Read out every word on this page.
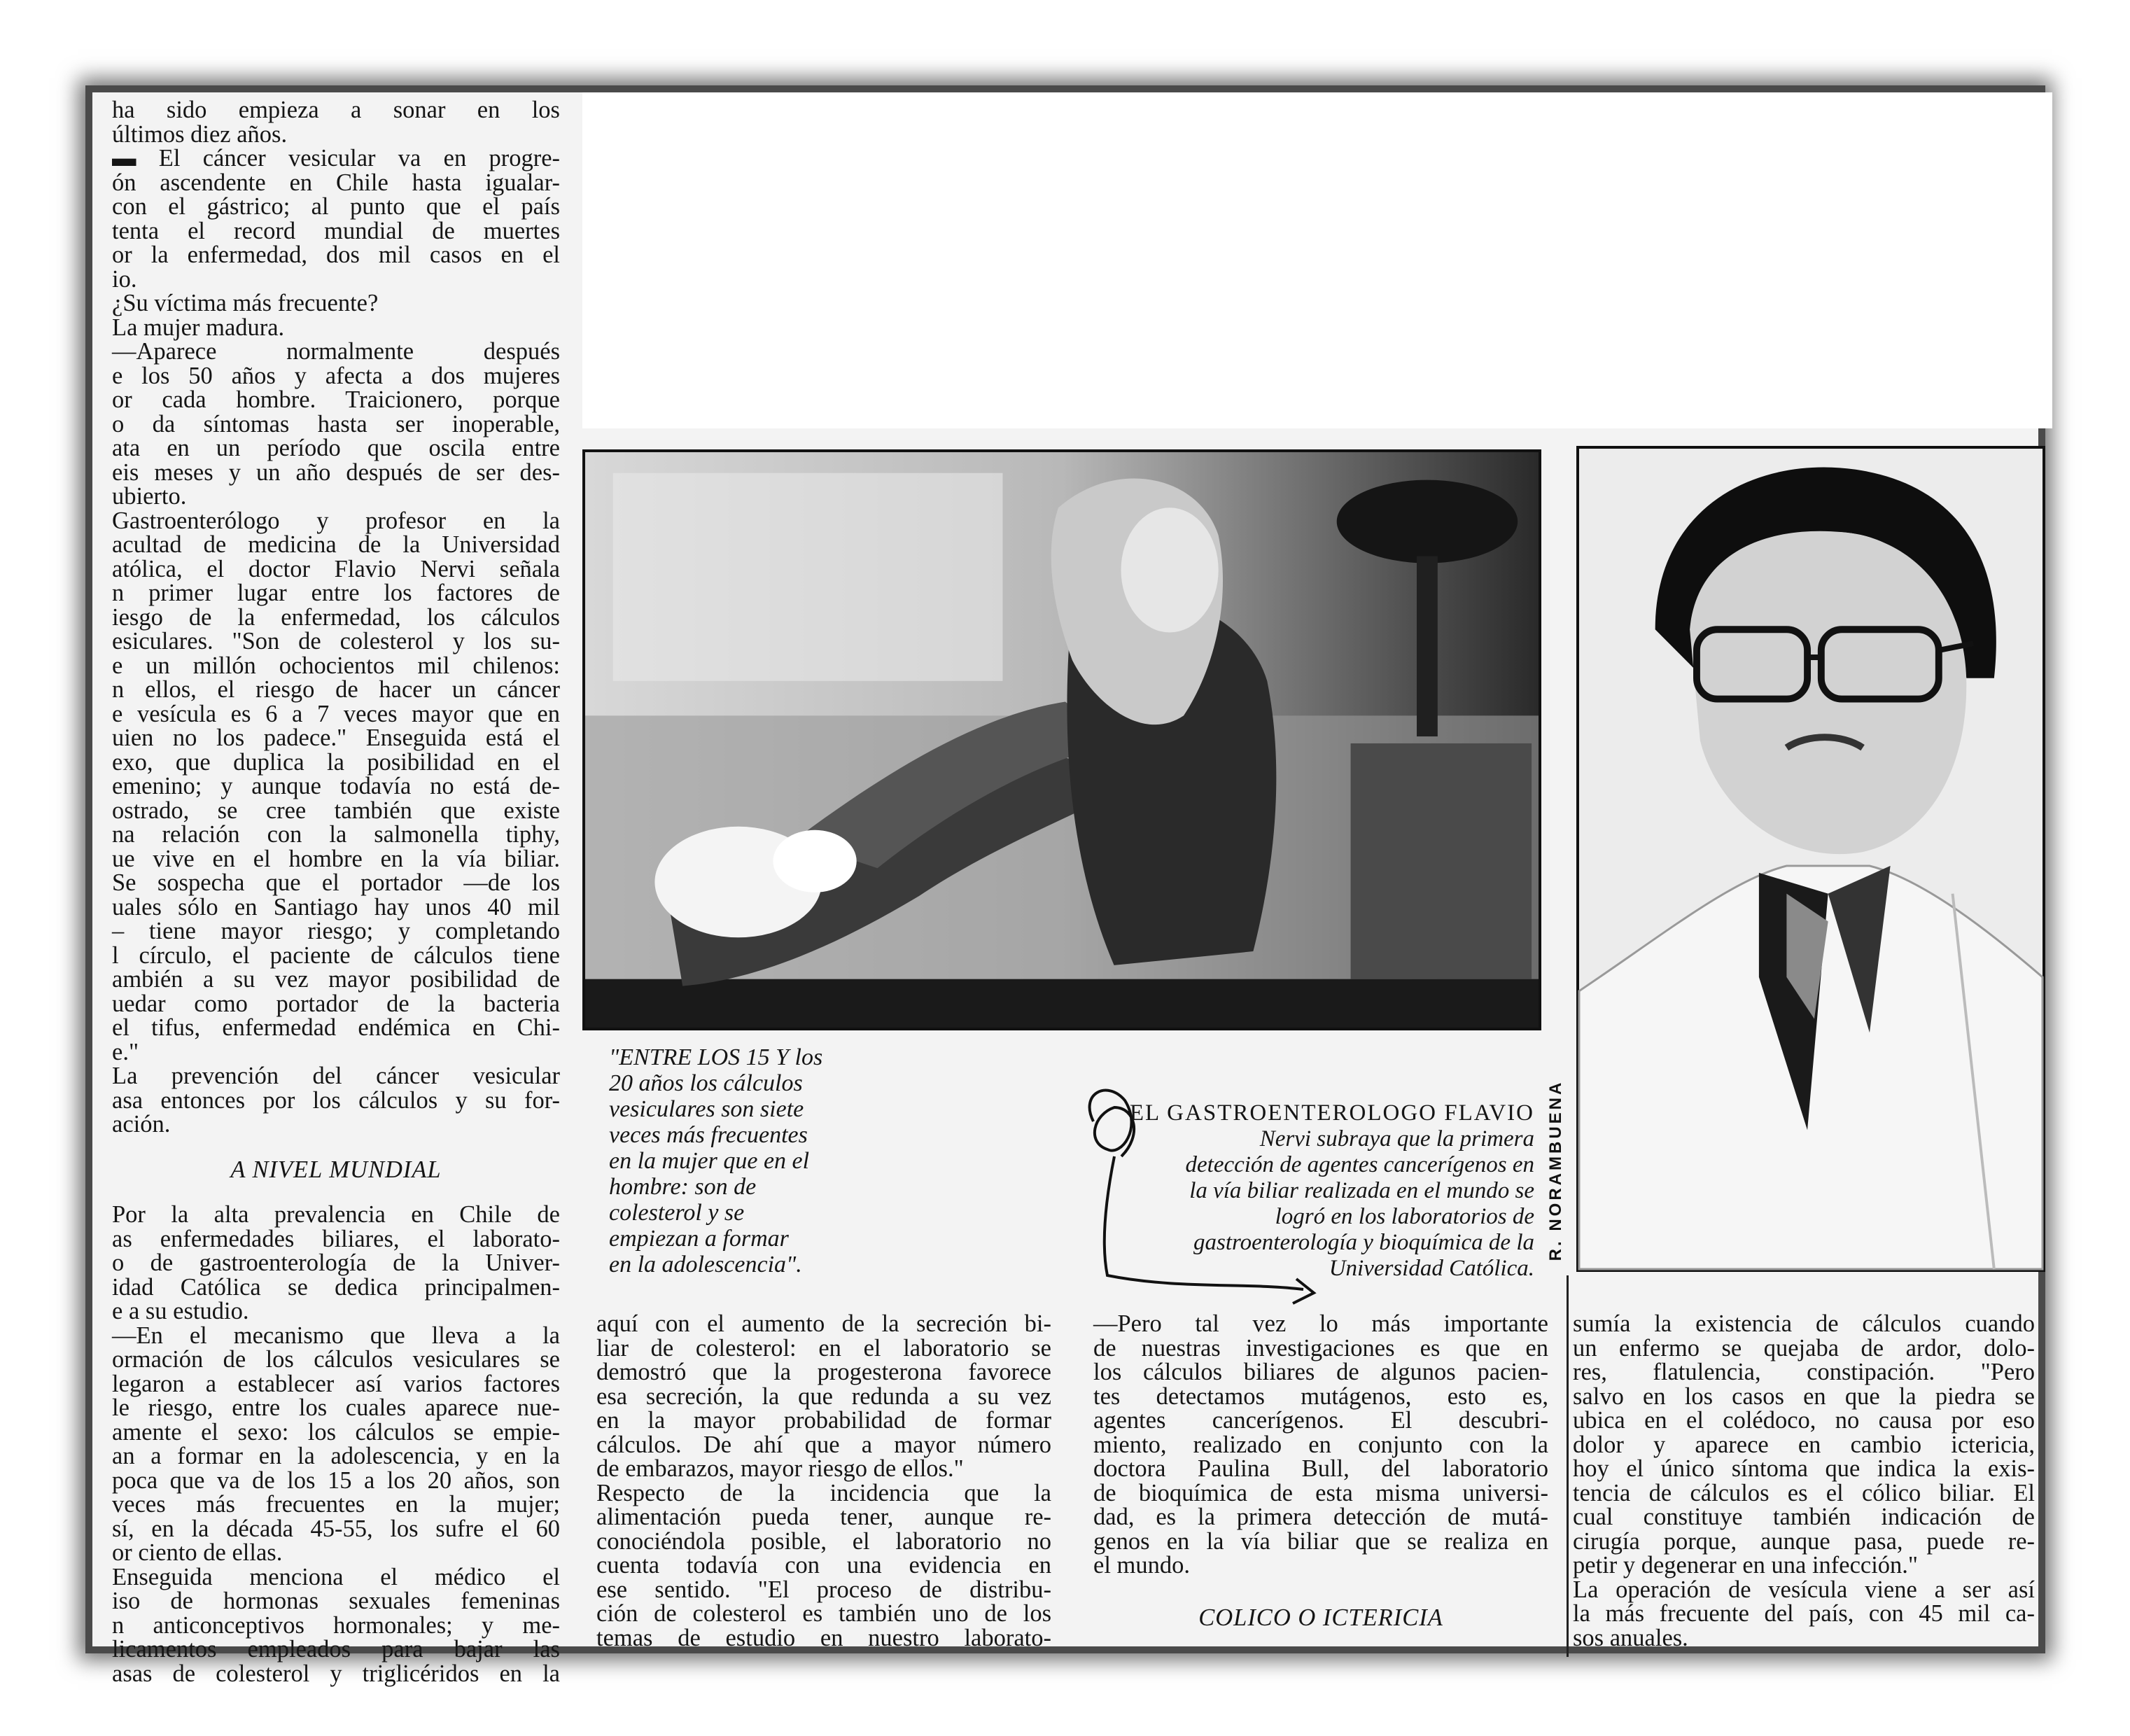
ha sido empieza a sonar en los
últimos diez años.
▬ El cáncer vesicular va en progre-
ón ascendente en Chile hasta igualar-
con el gástrico; al punto que el país
tenta el record mundial de muertes
or la enfermedad, dos mil casos en el
io.
¿Su víctima más frecuente?
La mujer madura.
—Aparece normalmente después
e los 50 años y afecta a dos mujeres
or cada hombre. Traicionero, porque
o da síntomas hasta ser inoperable,
ata en un período que oscila entre
eis meses y un año después de ser des-
ubierto.
Gastroenterólogo y profesor en la
acultad de medicina de la Universidad
atólica, el doctor Flavio Nervi señala
n primer lugar entre los factores de
iesgo de la enfermedad, los cálculos
esiculares. "Son de colesterol y los su-
e un millón ochocientos mil chilenos:
n ellos, el riesgo de hacer un cáncer
e vesícula es 6 a 7 veces mayor que en
uien no los padece." Enseguida está el
exo, que duplica la posibilidad en el
emenino; y aunque todavía no está de-
ostrado, se cree también que existe
na relación con la salmonella tiphy,
ue vive en el hombre en la vía biliar.
Se sospecha que el portador —de los
uales sólo en Santiago hay unos 40 mil
– tiene mayor riesgo; y completando
l círculo, el paciente de cálculos tiene
ambién a su vez mayor posibilidad de
uedar como portador de la bacteria
el tifus, enfermedad endémica en Chi-
e."
La prevención del cáncer vesicular
asa entonces por los cálculos y su for-
ación.
A NIVEL MUNDIAL
Por la alta prevalencia en Chile de
as enfermedades biliares, el laborato-
o de gastroenterología de la Univer-
idad Católica se dedica principalmen-
e a su estudio.
—En el mecanismo que lleva a la
ormación de los cálculos vesiculares se
legaron a establecer así varios factores
le riesgo, entre los cuales aparece nue-
amente el sexo: los cálculos se empie-
an a formar en la adolescencia, y en la
poca que va de los 15 a los 20 años, son
veces más frecuentes en la mujer;
sí, en la década 45-55, los sufre el 60
or ciento de ellas.
Enseguida menciona el médico el
iso de hormonas sexuales femeninas
n anticonceptivos hormonales; y me-
licamentos empleados para bajar las
asas de colesterol y triglicéridos en la
R. NORAMBUENA
"ENTRE LOS 15 Y los
20 años los cálculos
vesiculares son siete
veces más frecuentes
en la mujer que en el
hombre: son de
colesterol y se
empiezan a formar
en la adolescencia".
EL GASTROENTEROLOGO FLAVIO
Nervi subraya que la primera
detección de agentes cancerígenos en
la vía biliar realizada en el mundo se
logró en los laboratorios de
gastroenterología y bioquímica de la
Universidad Católica.
aquí con el aumento de la secreción bi-
liar de colesterol: en el laboratorio se
demostró que la progesterona favorece
esa secreción, la que redunda a su vez
en la mayor probabilidad de formar
cálculos. De ahí que a mayor número
de embarazos, mayor riesgo de ellos."
Respecto de la incidencia que la
alimentación pueda tener, aunque re-
conociéndola posible, el laboratorio no
cuenta todavía con una evidencia en
ese sentido. "El proceso de distribu-
ción de colesterol es también uno de los
temas de estudio en nuestro laborato-
—Pero tal vez lo más importante
de nuestras investigaciones es que en
los cálculos biliares de algunos pacien-
tes detectamos mutágenos, esto es,
agentes cancerígenos. El descubri-
miento, realizado en conjunto con la
doctora Paulina Bull, del laboratorio
de bioquímica de esta misma universi-
dad, es la primera detección de mutá-
genos en la vía biliar que se realiza en
el mundo.
COLICO O ICTERICIA
sumía la existencia de cálculos cuando
un enfermo se quejaba de ardor, dolo-
res, flatulencia, constipación. "Pero
salvo en los casos en que la piedra se
ubica en el colédoco, no causa por eso
dolor y aparece en cambio ictericia,
hoy el único síntoma que indica la exis-
tencia de cálculos es el cólico biliar. El
cual constituye también indicación de
cirugía porque, aunque pasa, puede re-
petir y degenerar en una infección."
La operación de vesícula viene a ser así
la más frecuente del país, con 45 mil ca-
sos anuales.
